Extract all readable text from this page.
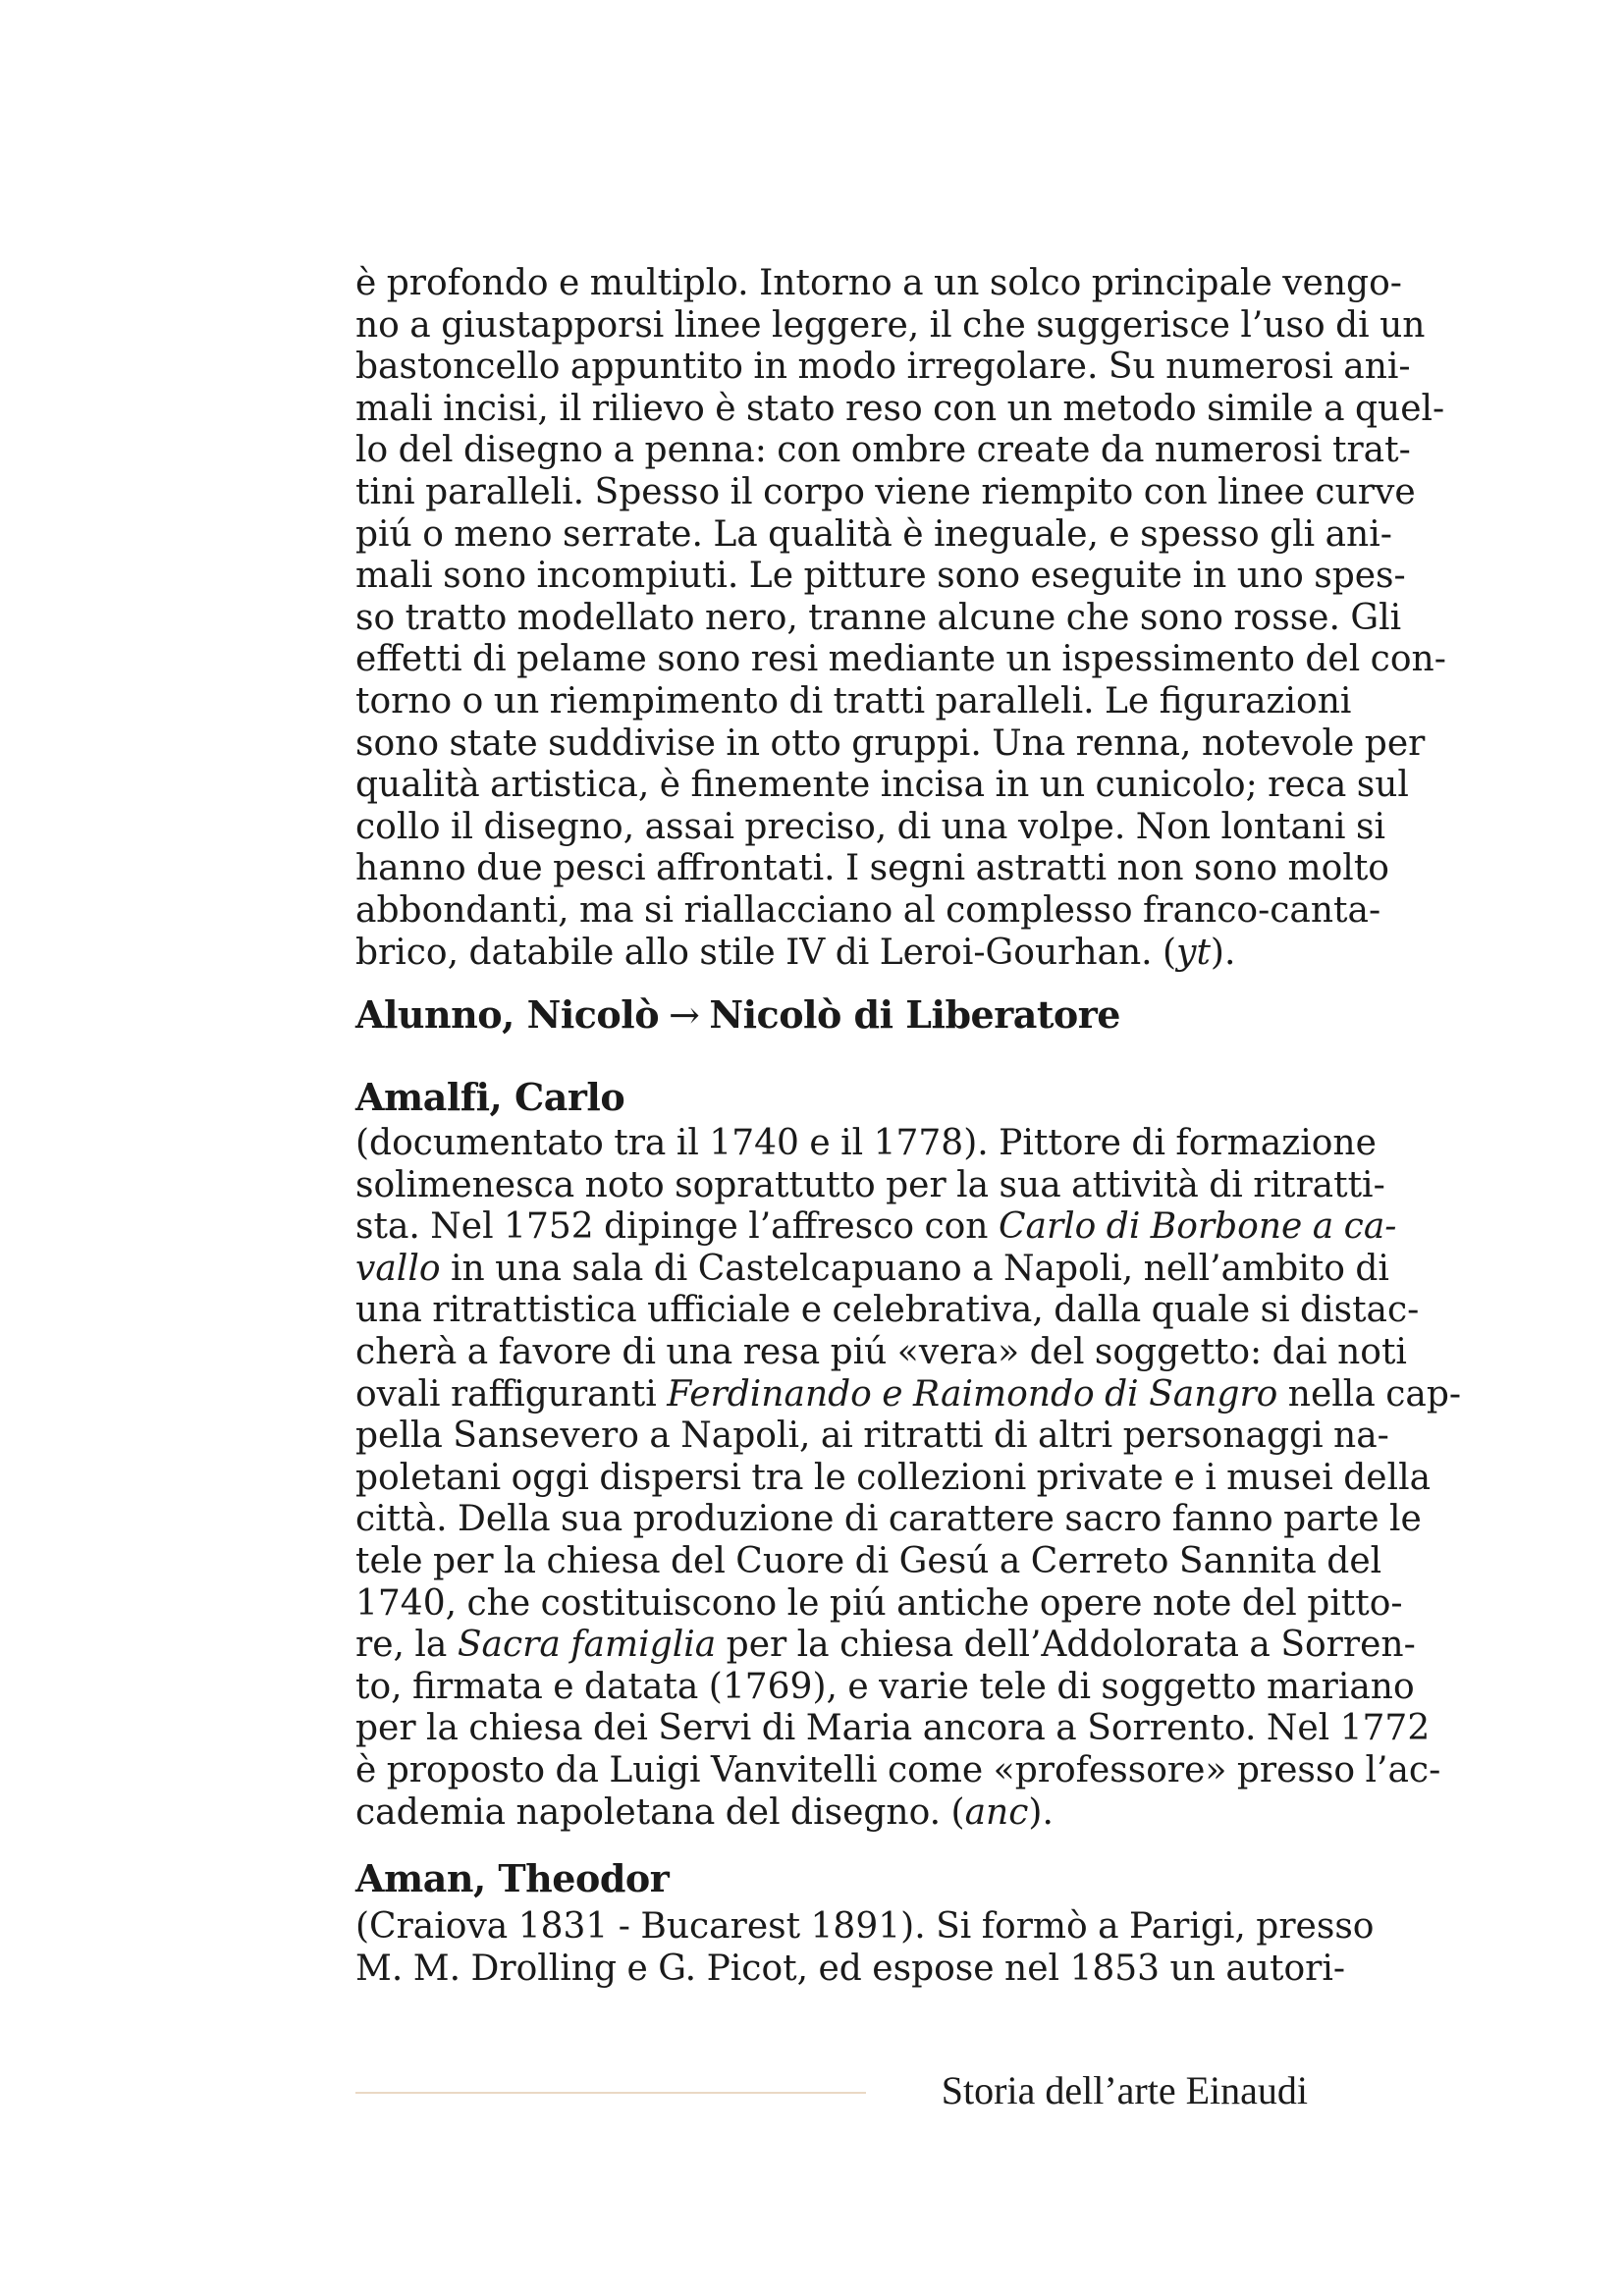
è profondo e multiplo. Intorno a un solco principale vengo-
no a giustapporsi linee leggere, il che suggerisce l’uso di un
bastoncello appuntito in modo irregolare. Su numerosi ani-
mali incisi, il rilievo è stato reso con un metodo simile a quel-
lo del disegno a penna: con ombre create da numerosi trat-
tini paralleli. Spesso il corpo viene riempito con linee curve
piú o meno serrate. La qualità è ineguale, e spesso gli ani-
mali sono incompiuti. Le pitture sono eseguite in uno spes-
so tratto modellato nero, tranne alcune che sono rosse. Gli
effetti di pelame sono resi mediante un ispessimento del con-
torno o un riempimento di tratti paralleli. Le figurazioni
sono state suddivise in otto gruppi. Una renna, notevole per
qualità artistica, è finemente incisa in un cunicolo; reca sul
collo il disegno, assai preciso, di una volpe. Non lontani si
hanno due pesci affrontati. I segni astratti non sono molto
abbondanti, ma si riallacciano al complesso franco-canta-
brico, databile allo stile IV di Leroi-Gourhan. (yt).
Alunno, Nicolò → Nicolò di Liberatore
Amalfi, Carlo
(documentato tra il 1740 e il 1778). Pittore di formazione
solimenesca noto soprattutto per la sua attività di ritratti-
sta. Nel 1752 dipinge l’affresco con Carlo di Borbone a ca-
vallo in una sala di Castelcapuano a Napoli, nell’ambito di
una ritrattistica ufficiale e celebrativa, dalla quale si distac-
cherà a favore di una resa piú «vera» del soggetto: dai noti
ovali raffiguranti Ferdinando e Raimondo di Sangro nella cap-
pella Sansevero a Napoli, ai ritratti di altri personaggi na-
poletani oggi dispersi tra le collezioni private e i musei della
città. Della sua produzione di carattere sacro fanno parte le
tele per la chiesa del Cuore di Gesú a Cerreto Sannita del
1740, che costituiscono le piú antiche opere note del pitto-
re, la Sacra famiglia per la chiesa dell’Addolorata a Sorren-
to, firmata e datata (1769), e varie tele di soggetto mariano
per la chiesa dei Servi di Maria ancora a Sorrento. Nel 1772
è proposto da Luigi Vanvitelli come «professore» presso l’ac-
cademia napoletana del disegno. (anc).
Aman, Theodor
(Craiova 1831 - Bucarest 1891). Si formò a Parigi, presso
M. M. Drolling e G. Picot, ed espose nel 1853 un autori-
Storia dell’arte Einaudi
